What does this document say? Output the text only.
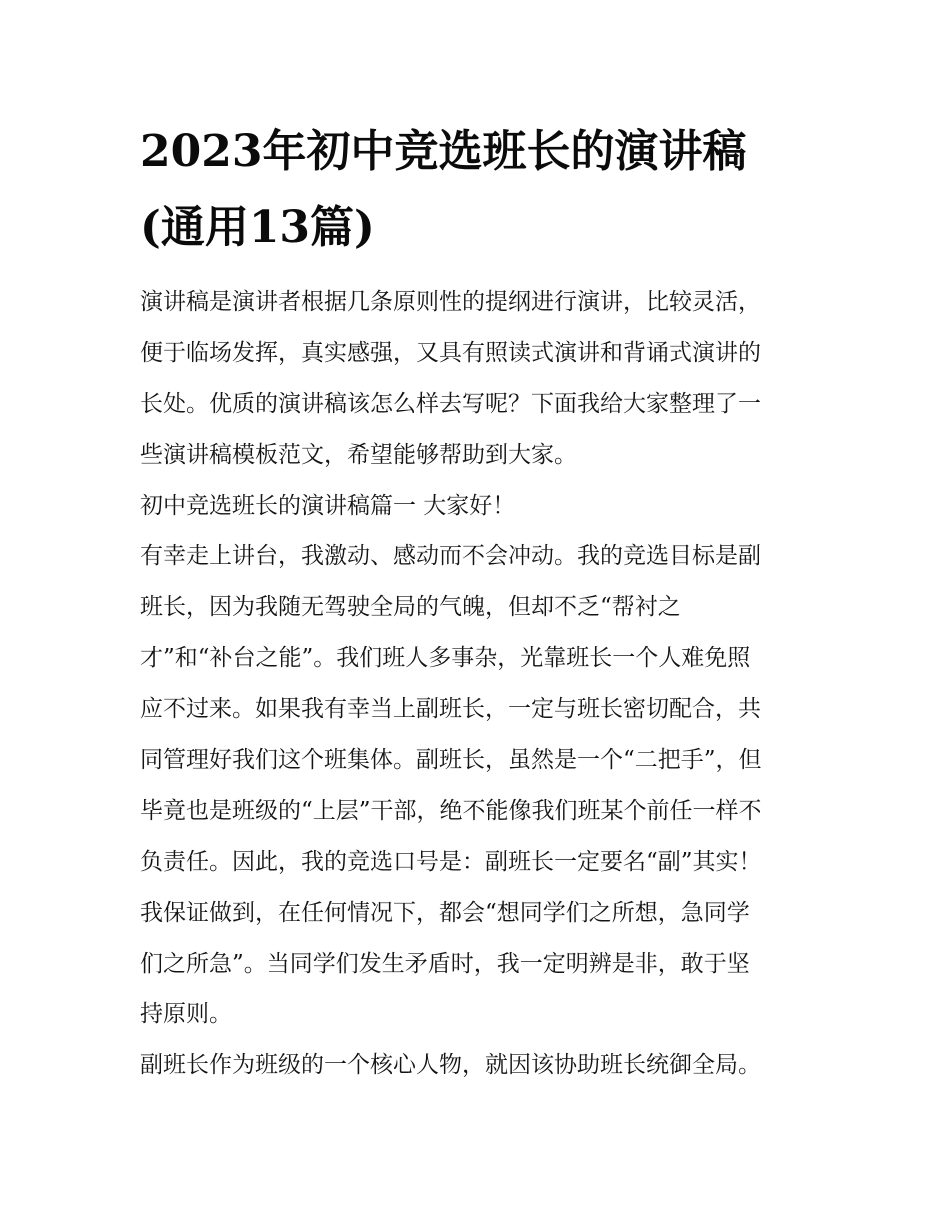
2023年初中竞选班长的演讲稿
(通用13篇)
演讲稿是演讲者根据几条原则性的提纲进行演讲，比较灵活，
便于临场发挥，真实感强，又具有照读式演讲和背诵式演讲的
长处。优质的演讲稿该怎么样去写呢？下面我给大家整理了一
些演讲稿模板范文，希望能够帮助到大家。
初中竞选班长的演讲稿篇一 大家好！
有幸走上讲台，我激动、感动而不会冲动。我的竞选目标是副
班长，因为我随无驾驶全局的气魄，但却不乏“帮衬之
才”和“补台之能”。我们班人多事杂，光靠班长一个人难免照
应不过来。如果我有幸当上副班长，一定与班长密切配合，共
同管理好我们这个班集体。副班长，虽然是一个“二把手”，但
毕竟也是班级的“上层”干部，绝不能像我们班某个前任一样不
负责任。因此，我的竞选口号是：副班长一定要名“副”其实！
我保证做到，在任何情况下，都会“想同学们之所想，急同学
们之所急”。当同学们发生矛盾时，我一定明辨是非，敢于坚
持原则。
副班长作为班级的一个核心人物，就因该协助班长统御全局。
